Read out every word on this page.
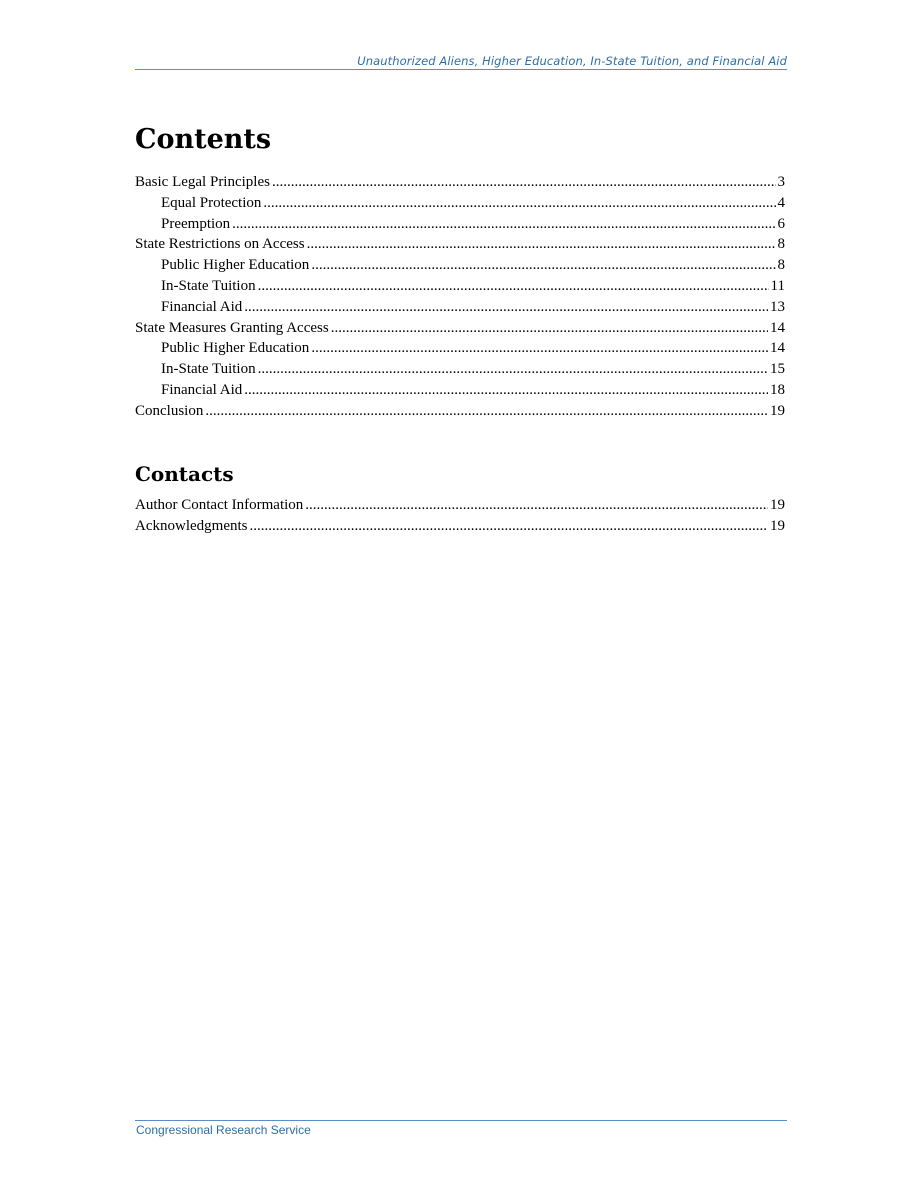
Unauthorized Aliens, Higher Education, In-State Tuition, and Financial Aid
Contents
Basic Legal Principles .....	3
Equal Protection .....	4
Preemption .....	6
State Restrictions on Access .....	8
Public Higher Education .....	8
In-State Tuition .....	11
Financial Aid .....	13
State Measures Granting Access .....	14
Public Higher Education .....	14
In-State Tuition .....	15
Financial Aid .....	18
Conclusion .....	19
Contacts
Author Contact Information .....	19
Acknowledgments .....	19
Congressional Research Service
